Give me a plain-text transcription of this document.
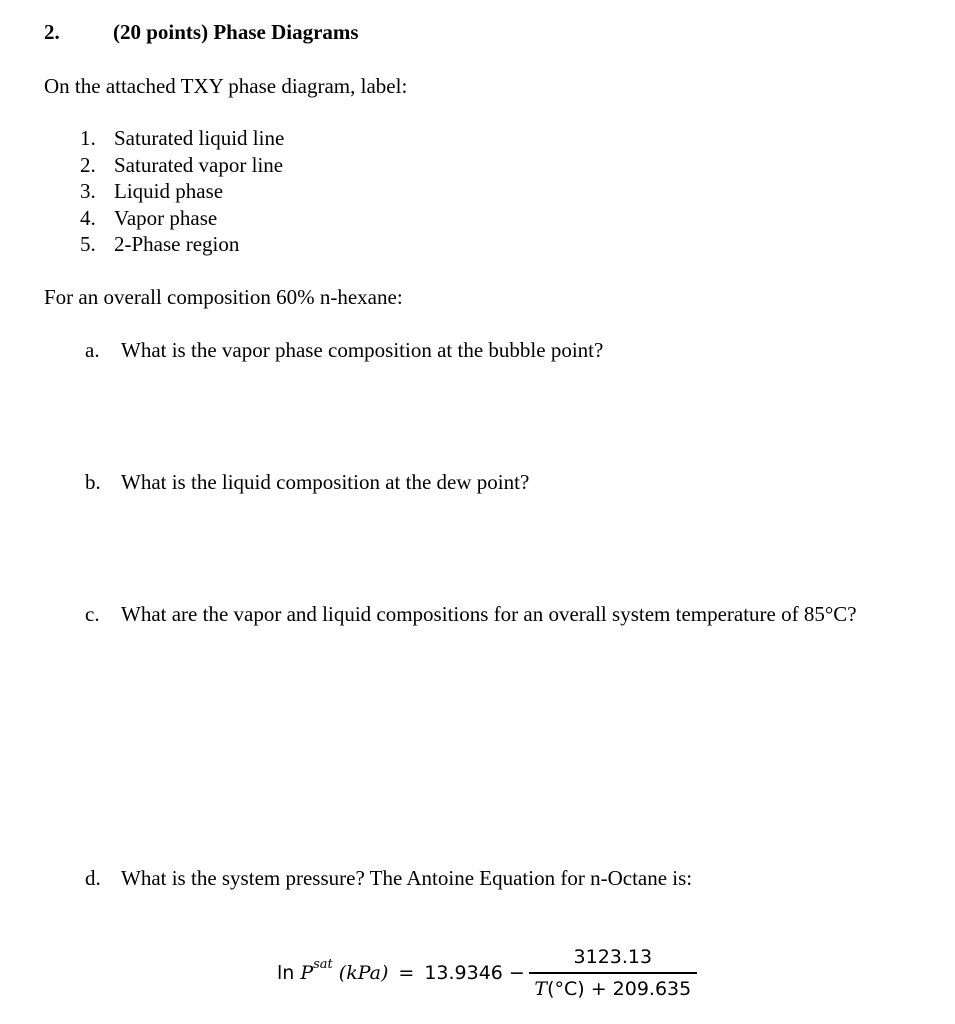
2.	(20 points) Phase Diagrams
On the attached TXY phase diagram, label:
1. Saturated liquid line
2. Saturated vapor line
3. Liquid phase
4. Vapor phase
5. 2-Phase region
For an overall composition 60% n-hexane:
a. What is the vapor phase composition at the bubble point?
b. What is the liquid composition at the dew point?
c. What are the vapor and liquid compositions for an overall system temperature of 85°C?
d. What is the system pressure? The Antoine Equation for n-Octane is:
ln P sat $(kPa) = 13.9346 - \frac{3123.13}{T(^\circ C) + 209.635}$
